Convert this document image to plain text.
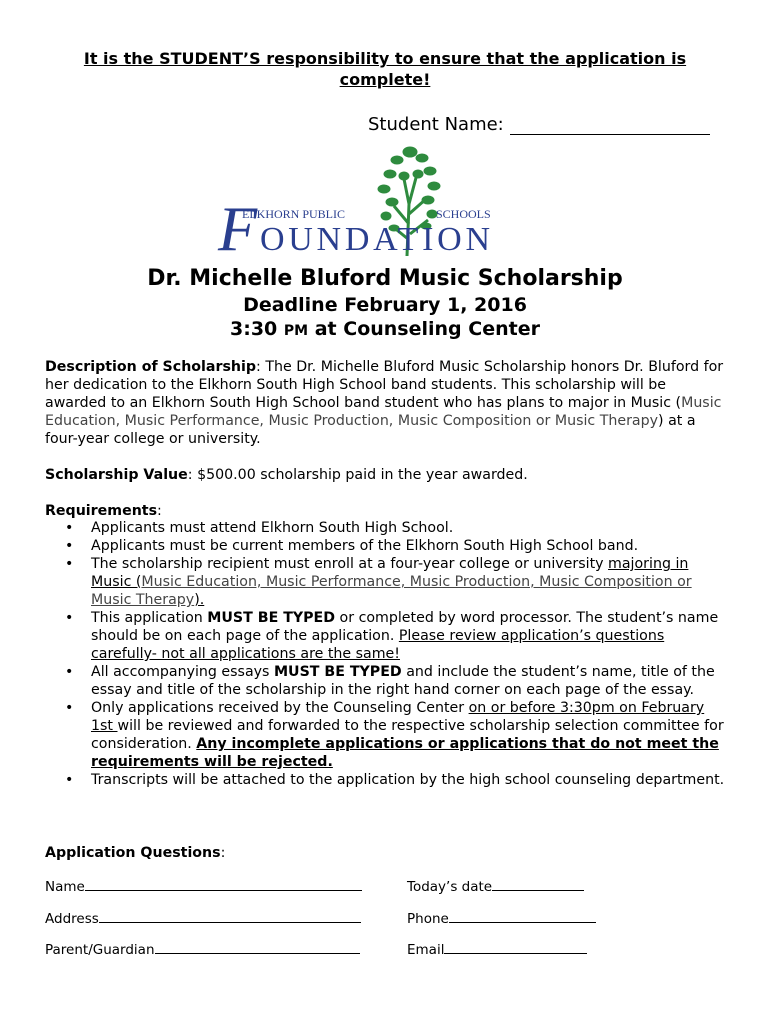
It is the STUDENT’S responsibility to ensure that the application is
complete!
Student Name:
ELKHORN PUBLIC	SCHOOLS
F OUNDATION
Dr. Michelle Bluford Music Scholarship
Deadline February 1, 2016
3:30 PM at Counseling Center
Description of Scholarship: The Dr. Michelle Bluford Music Scholarship honors Dr. Bluford for her dedication to the Elkhorn South High School band students. This scholarship will be awarded to an Elkhorn South High School band student who has plans to major in Music (Music Education, Music Performance, Music Production, Music Composition or Music Therapy) at a four-year college or university.
Scholarship Value: $500.00 scholarship paid in the year awarded.
Requirements:
• Applicants must attend Elkhorn South High School.
• Applicants must be current members of the Elkhorn South High School band.
• The scholarship recipient must enroll at a four-year college or university majoring in Music (Music Education, Music Performance, Music Production, Music Composition or Music Therapy).
• This application MUST BE TYPED or completed by word processor. The student’s name should be on each page of the application. Please review application’s questions carefully- not all applications are the same!
• All accompanying essays MUST BE TYPED and include the student’s name, title of the essay and title of the scholarship in the right hand corner on each page of the essay.
• Only applications received by the Counseling Center on or before 3:30pm on February 1st will be reviewed and forwarded to the respective scholarship selection committee for consideration. Any incomplete applications or applications that do not meet the requirements will be rejected.
• Transcripts will be attached to the application by the high school counseling department.
Application Questions:
Name	Today’s date
Address	Phone
Parent/Guardian	Email
